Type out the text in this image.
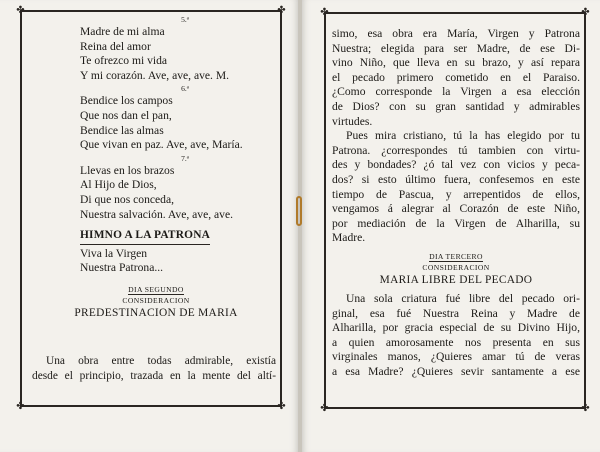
✤	✤
✤	✤
✤	✤
✤	✤

5.ª

Madre de mi alma

Reina del amor

Te ofrezco mi vida

Y mi corazón. Ave, ave, ave. M.

6.ª

Bendice los campos

Que nos dan el pan,

Bendice las almas

Que vivan en paz. Ave, ave, María.

7.ª

Llevas en los brazos

Al Hijo de Dios,

Di que nos conceda,

Nuestra salvación. Ave, ave, ave.

HIMNO A LA PATRONA

Viva la Virgen

Nuestra Patrona...

DIA SEGUNDO

CONSIDERACION

PREDESTINACION DE MARIA

Una obra entre todas admirable, existía

desde el principio, trazada en la mente del altí-

simo, esa obra era María, Virgen y Patrona

Nuestra; elegida para ser Madre, de ese Di-

vino Niño, que lleva en su brazo, y así repara

el pecado primero cometido en el Paraiso.

¿Como corresponde la Virgen a esa elección

de Dios? con su gran santidad y admirables

virtudes.

Pues mira cristiano, tú la has elegido por tu

Patrona. ¿correspondes tú tambien con virtu-

des y bondades? ¿ó tal vez con vicios y peca-

dos? si esto último fuera, confesemos en este

tiempo de Pascua, y arrepentidos de ellos,

vengamos á alegrar al Corazón de este Niño,

por mediación de la Virgen de Alharilla, su

Madre.

DIA TERCERO

CONSIDERACION

MARIA LIBRE DEL PECADO

Una sola criatura fué libre del pecado ori-

ginal, esa fué Nuestra Reina y Madre de

Alharilla, por gracia especial de su Divino Hijo,

a quien amorosamente nos presenta en sus

virginales manos, ¿Quieres amar tú de veras

a esa Madre? ¿Quieres sevir santamente a ese
